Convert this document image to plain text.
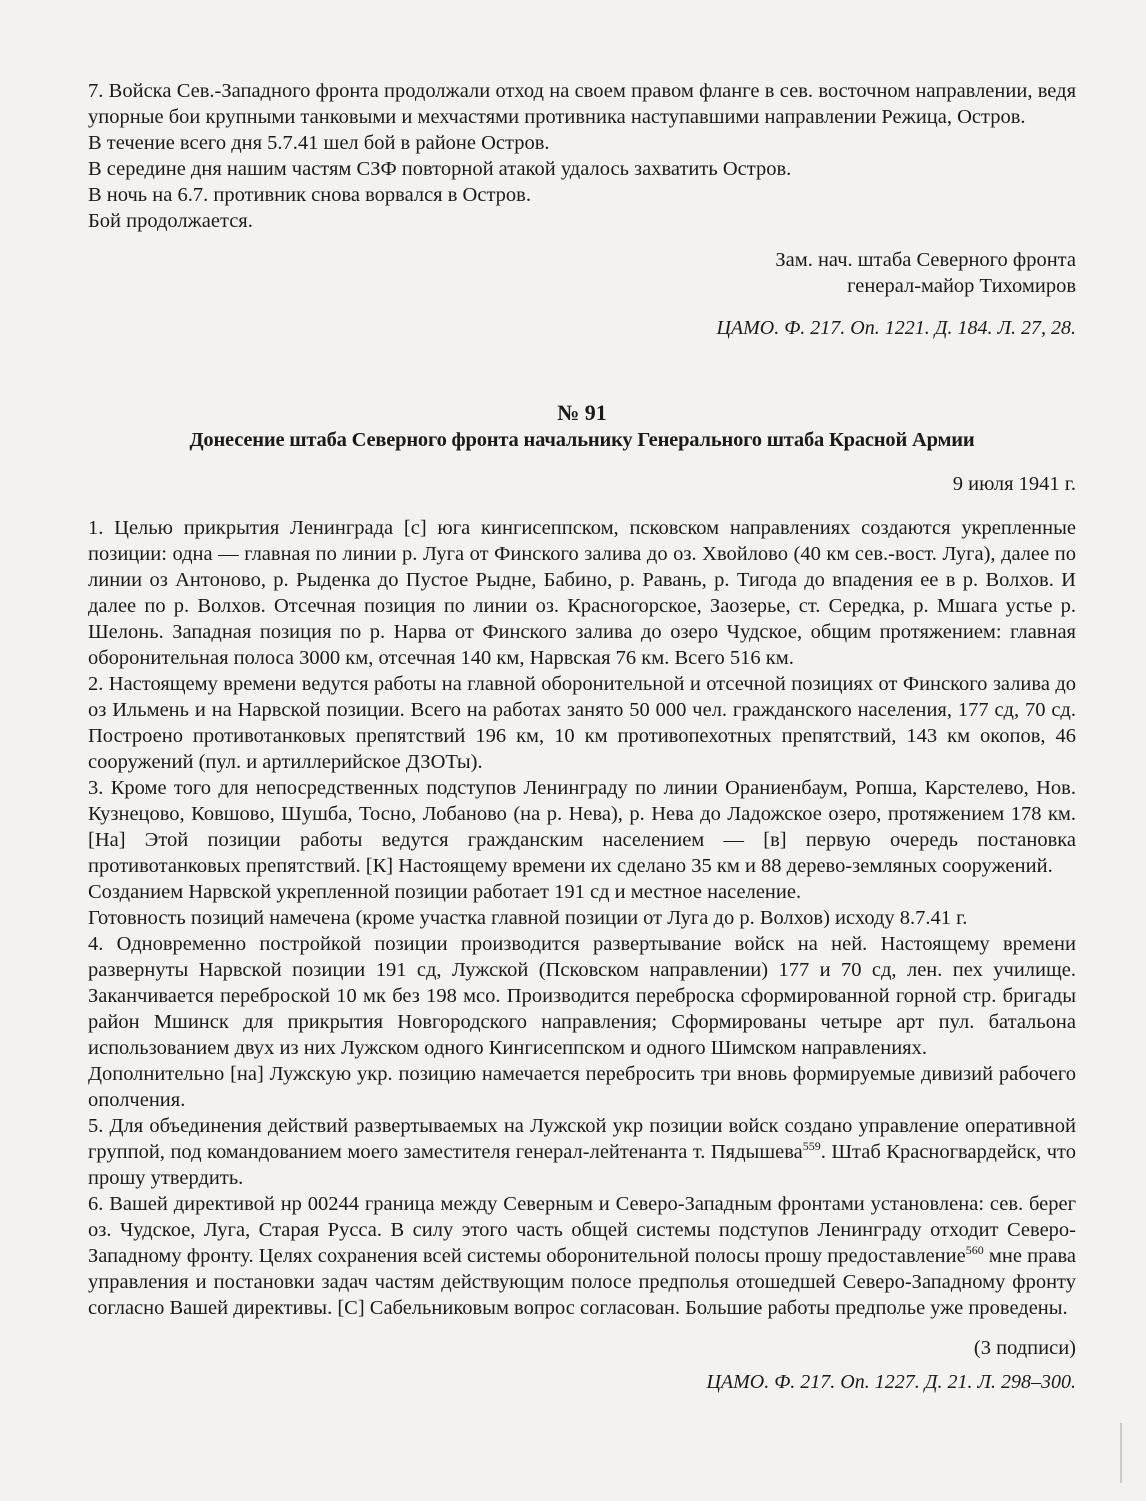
7. Войска Сев.-Западного фронта продолжали отход на своем правом фланге в сев. восточном направлении, ведя упорные бои крупными танковыми и мехчастями противника наступавшими направлении Режица, Остров.

В течение всего дня 5.7.41 шел бой в районе Остров.

В середине дня нашим частям СЗФ повторной атакой удалось захватить Остров.

В ночь на 6.7. противник снова ворвался в Остров.

Бой продолжается.

Зам. нач. штаба Северного фронта

генерал-майор Тихомиров

ЦАМО. Ф. 217. Оп. 1221. Д. 184. Л. 27, 28.

№ 91

Донесение штаба Северного фронта начальнику Генерального штаба Красной Армии

9 июля 1941 г.

1. Целью прикрытия Ленинграда [с] юга кингисеппском, псковском направлениях создаются укрепленные позиции: одна — главная по линии р. Луга от Финского залива до оз. Хвойлово (40 км сев.-вост. Луга), далее по линии оз Антоново, р. Рыденка до Пустое Рыдне, Бабино, р. Равань, р. Тигода до впадения ее в р. Волхов. И далее по р. Волхов. Отсечная позиция по линии оз. Красногорское, Заозерье, ст. Середка, р. Мшага устье р. Шелонь. Западная позиция по р. Нарва от Финского залива до озеро Чудское, общим протяжением: главная оборонительная полоса 3000 км, отсечная 140 км, Нарвская 76 км. Всего 516 км.

2. Настоящему времени ведутся работы на главной оборонительной и отсечной позициях от Финского залива до оз Ильмень и на Нарвской позиции. Всего на работах занято 50 000 чел. гражданского населения, 177 сд, 70 сд. Построено противотанковых препятствий 196 км, 10 км противопехотных препятствий, 143 км окопов, 46 сооружений (пул. и артиллерийское ДЗОТы).

3. Кроме того для непосредственных подступов Ленинграду по линии Ораниенбаум, Ропша, Карстелево, Нов. Кузнецово, Ковшово, Шушба, Тосно, Лобаново (на р. Нева), р. Нева до Ладожское озеро, протяжением 178 км. [На] Этой позиции работы ведутся гражданским населением — [в] первую очередь постановка противотанковых препятствий. [К] Настоящему времени их сделано 35 км и 88 дерево-земляных сооружений.

Созданием Нарвской укрепленной позиции работает 191 сд и местное население.

Готовность позиций намечена (кроме участка главной позиции от Луга до р. Волхов) исходу 8.7.41 г.

4. Одновременно постройкой позиции производится развертывание войск на ней. Настоящему времени развернуты Нарвской позиции 191 сд, Лужской (Псковском направлении) 177 и 70 сд, лен. пех училище. Заканчивается переброской 10 мк без 198 мсо. Производится переброска сформированной горной стр. бригады район Мшинск для прикрытия Новгородского направления; Сформированы четыре арт пул. батальона использованием двух из них Лужском одного Кингисеппском и одного Шимском направлениях.

Дополнительно [на] Лужскую укр. позицию намечается перебросить три вновь формируемые дивизий рабочего ополчения.

5. Для объединения действий развертываемых на Лужской укр позиции войск создано управление оперативной группой, под командованием моего заместителя генерал-лейтенанта т. Пядышева$^{559}$. Штаб Красногвардейск, что прошу утвердить.

6. Вашей директивой нр 00244 граница между Северным и Северо-Западным фронтами установлена: сев. берег оз. Чудское, Луга, Старая Русса. В силу этого часть общей системы подступов Ленинграду отходит Северо-Западному фронту. Целях сохранения всей системы оборонительной полосы прошу предоставление$^{560}$ мне права управления и постановки задач частям действующим полосе предполья отошедшей Северо-Западному фронту согласно Вашей директивы. [С] Сабельниковым вопрос согласован. Большие работы предполье уже проведены.

(3 подписи)

ЦАМО. Ф. 217. Оп. 1227. Д. 21. Л. 298–300.
